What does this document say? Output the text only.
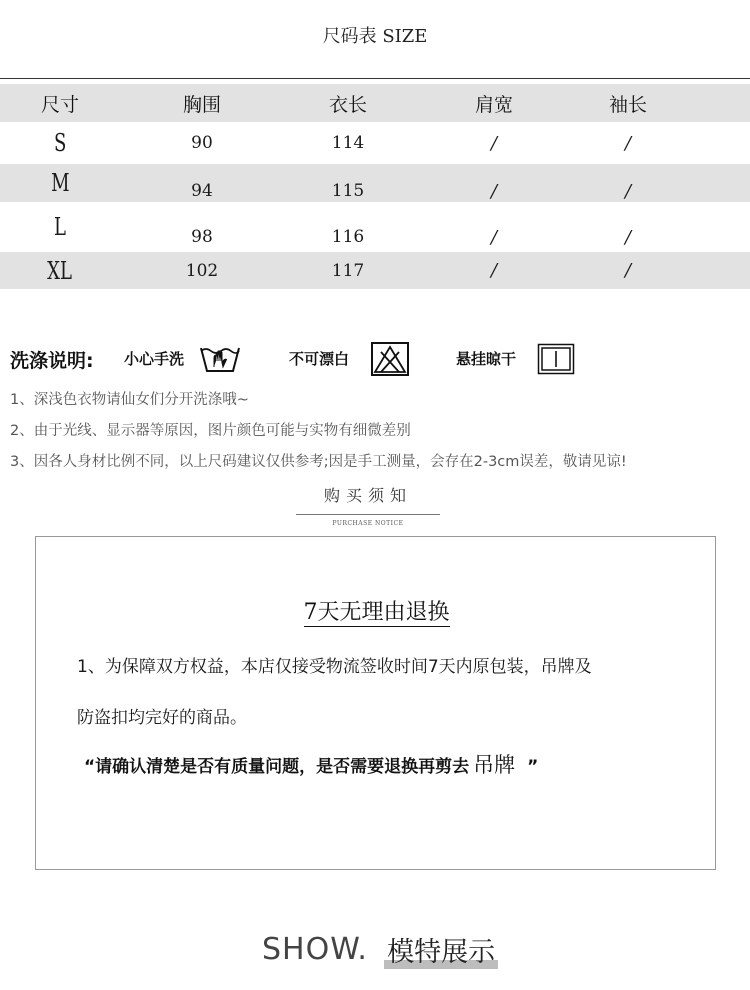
尺码表 SIZE
尺寸	胸围	衣长	肩宽	袖长
S	90	114	/	/
M	94	115	/	/
L	98	116	/	/
XL	102	117	/	/
洗涤说明: 小心手洗	不可漂白	悬挂晾干
1、深浅色衣物请仙女们分开洗涤哦~
2、由于光线、显示器等原因，图片颜色可能与实物有细微差别
3、因各人身材比例不同，以上尺码建议仅供参考;因是手工测量，会存在2-3cm误差，敬请见谅!
购买须知
PURCHASE NOTICE
7天无理由退换
1、为保障双方权益，本店仅接受物流签收时间7天内原包装，吊牌及
防盗扣均完好的商品。
“请确认清楚是否有质量问题，是否需要退换再剪去 吊牌 ”
SHOW. 模特展示
